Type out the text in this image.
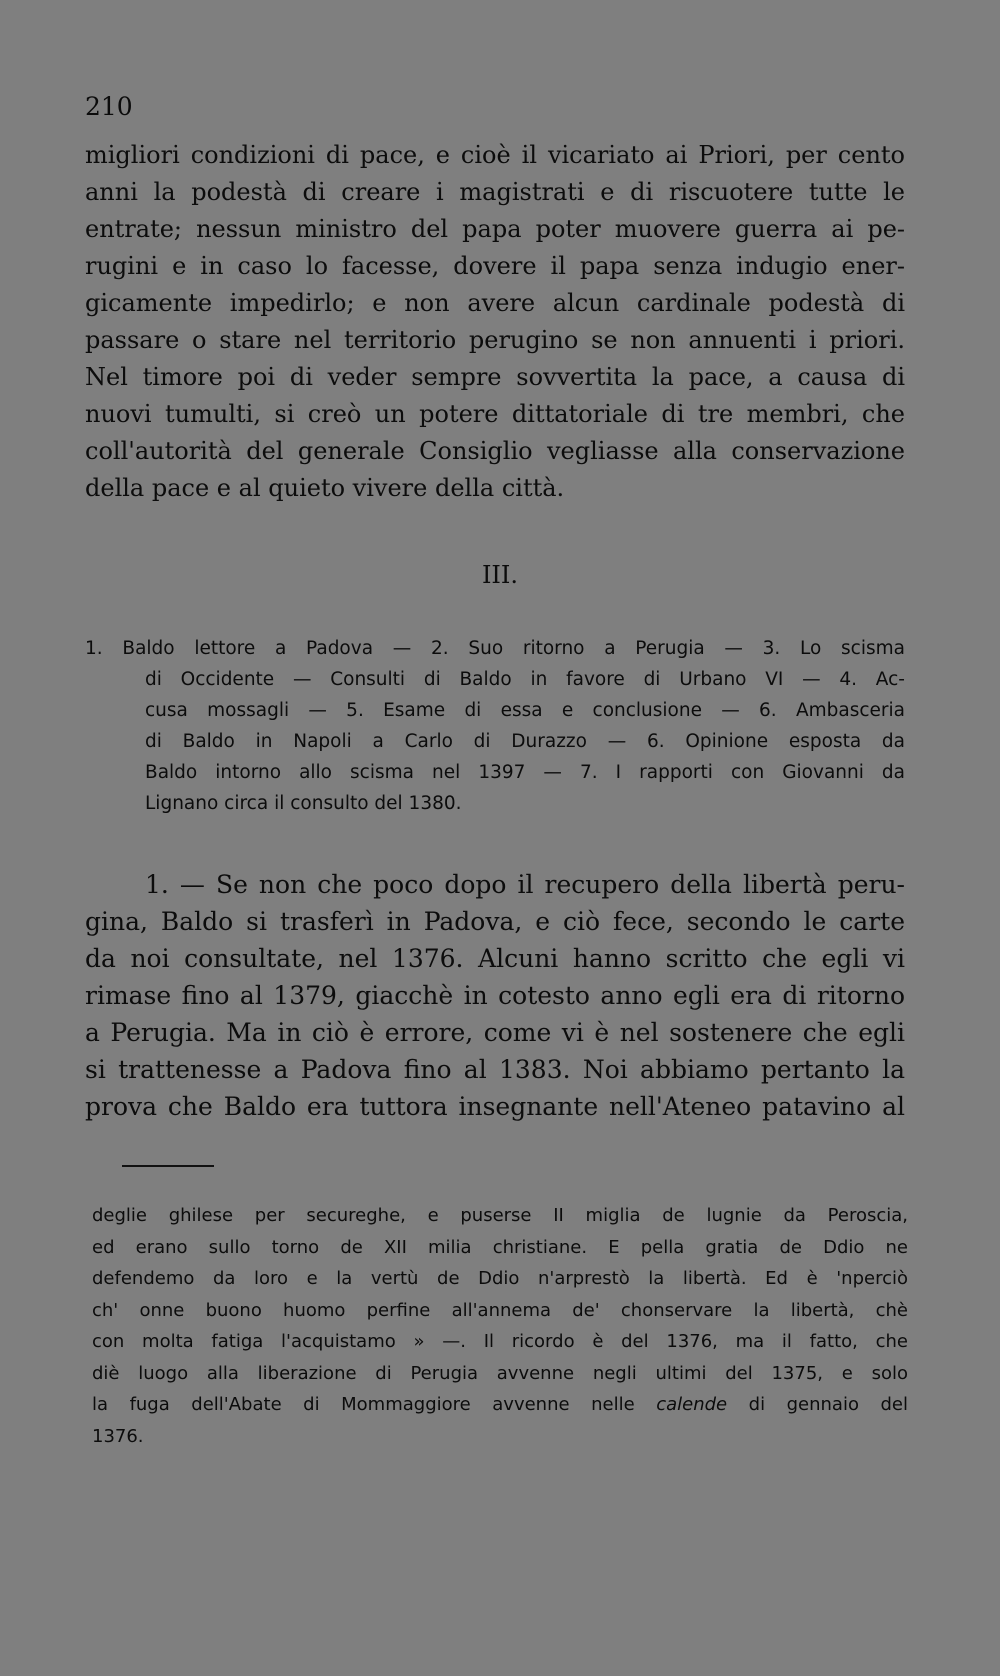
210
migliori condizioni di pace, e cioè il vicariato ai Priori, per cento
anni la podestà di creare i magistrati e di riscuotere tutte le
entrate; nessun ministro del papa poter muovere guerra ai pe-
rugini e in caso lo facesse, dovere il papa senza indugio ener-
gicamente impedirlo; e non avere alcun cardinale podestà di
passare o stare nel territorio perugino se non annuenti i priori.
Nel timore poi di veder sempre sovvertita la pace, a causa di
nuovi tumulti, si creò un potere dittatoriale di tre membri, che
coll'autorità del generale Consiglio vegliasse alla conservazione
della pace e al quieto vivere della città.
III.
1. Baldo lettore a Padova — 2. Suo ritorno a Perugia — 3. Lo scisma
di Occidente — Consulti di Baldo in favore di Urbano VI — 4. Ac-
cusa mossagli — 5. Esame di essa e conclusione — 6. Ambasceria
di Baldo in Napoli a Carlo di Durazzo — 6. Opinione esposta da
Baldo intorno allo scisma nel 1397 — 7. I rapporti con Giovanni da
Lignano circa il consulto del 1380.
1. — Se non che poco dopo il recupero della libertà peru-
gina, Baldo si trasferì in Padova, e ciò fece, secondo le carte
da noi consultate, nel 1376. Alcuni hanno scritto che egli vi
rimase fino al 1379, giacchè in cotesto anno egli era di ritorno
a Perugia. Ma in ciò è errore, come vi è nel sostenere che egli
si trattenesse a Padova fino al 1383. Noi abbiamo pertanto la
prova che Baldo era tuttora insegnante nell'Ateneo patavino al
deglie ghilese per secureghe, e puserse II miglia de lugnie da Peroscia,
ed erano sullo torno de XII milia christiane. E pella gratia de Ddio ne
defendemo da loro e la vertù de Ddio n'arprestò la libertà. Ed è 'nperciò
ch' onne buono huomo perfine all'annema de' chonservare la libertà, chè
con molta fatiga l'acquistamo » —. Il ricordo è del 1376, ma il fatto, che
diè luogo alla liberazione di Perugia avvenne negli ultimi del 1375, e solo
la fuga dell'Abate di Mommaggiore avvenne nelle calende di gennaio del
1376.
